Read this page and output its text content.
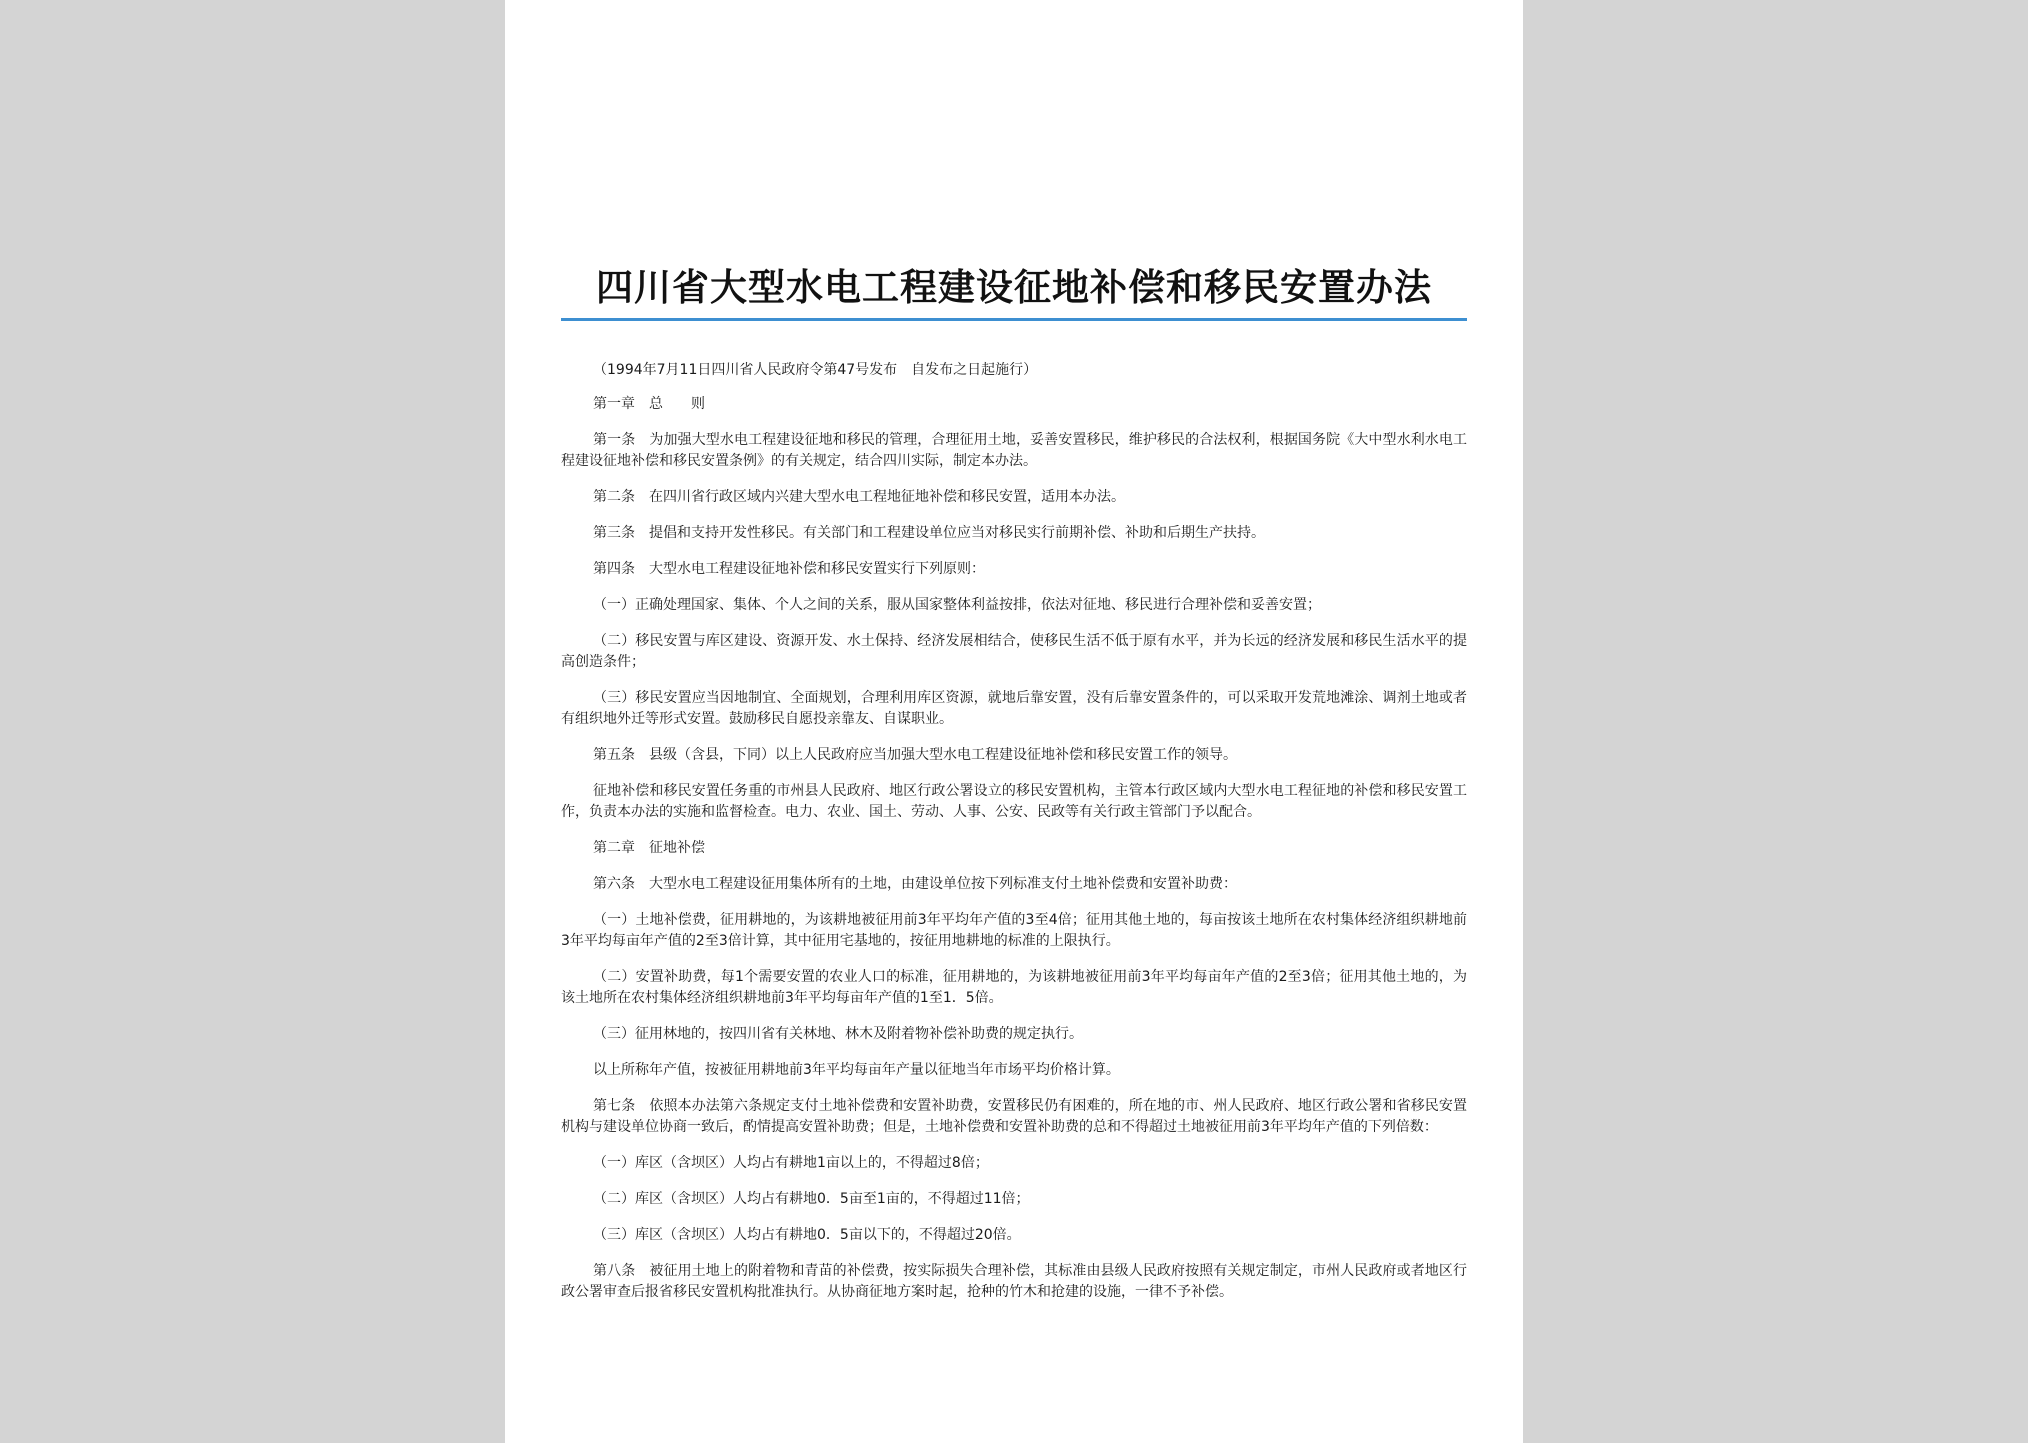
四川省大型水电工程建设征地补偿和移民安置办法

（1994年7月11日四川省人民政府令第47号发布　自发布之日起施行）

第一章　总　　则

第一条　为加强大型水电工程建设征地和移民的管理，合理征用土地，妥善安置移民，维护移民的合法权利，根据国务院《大中型水利水电工程建设征地补偿和移民安置条例》的有关规定，结合四川实际，制定本办法。

第二条　在四川省行政区域内兴建大型水电工程地征地补偿和移民安置，适用本办法。

第三条　提倡和支持开发性移民。有关部门和工程建设单位应当对移民实行前期补偿、补助和后期生产扶持。

第四条　大型水电工程建设征地补偿和移民安置实行下列原则：

（一）正确处理国家、集体、个人之间的关系，服从国家整体利益按排，依法对征地、移民进行合理补偿和妥善安置；

（二）移民安置与库区建设、资源开发、水土保持、经济发展相结合，使移民生活不低于原有水平，并为长远的经济发展和移民生活水平的提高创造条件；

（三）移民安置应当因地制宜、全面规划，合理利用库区资源，就地后靠安置，没有后靠安置条件的，可以采取开发荒地滩涂、调剂土地或者有组织地外迁等形式安置。鼓励移民自愿投亲靠友、自谋职业。

第五条　县级（含县，下同）以上人民政府应当加强大型水电工程建设征地补偿和移民安置工作的领导。

征地补偿和移民安置任务重的市州县人民政府、地区行政公署设立的移民安置机构，主管本行政区域内大型水电工程征地的补偿和移民安置工作，负责本办法的实施和监督检查。电力、农业、国土、劳动、人事、公安、民政等有关行政主管部门予以配合。

第二章　征地补偿

第六条　大型水电工程建设征用集体所有的土地，由建设单位按下列标准支付土地补偿费和安置补助费：

（一）土地补偿费，征用耕地的，为该耕地被征用前3年平均年产值的3至4倍；征用其他土地的，每亩按该土地所在农村集体经济组织耕地前3年平均每亩年产值的2至3倍计算，其中征用宅基地的，按征用地耕地的标准的上限执行。

（二）安置补助费，每1个需要安置的农业人口的标准，征用耕地的，为该耕地被征用前3年平均每亩年产值的2至3倍；征用其他土地的，为该土地所在农村集体经济组织耕地前3年平均每亩年产值的1至1．5倍。

（三）征用林地的，按四川省有关林地、林木及附着物补偿补助费的规定执行。

以上所称年产值，按被征用耕地前3年平均每亩年产量以征地当年市场平均价格计算。

第七条　依照本办法第六条规定支付土地补偿费和安置补助费，安置移民仍有困难的，所在地的市、州人民政府、地区行政公署和省移民安置机构与建设单位协商一致后，酌情提高安置补助费；但是，土地补偿费和安置补助费的总和不得超过土地被征用前3年平均年产值的下列倍数：

（一）库区（含坝区）人均占有耕地1亩以上的，不得超过8倍；

（二）库区（含坝区）人均占有耕地0．5亩至1亩的，不得超过11倍；

（三）库区（含坝区）人均占有耕地0．5亩以下的，不得超过20倍。

第八条　被征用土地上的附着物和青苗的补偿费，按实际损失合理补偿，其标准由县级人民政府按照有关规定制定，市州人民政府或者地区行政公署审查后报省移民安置机构批准执行。从协商征地方案时起，抢种的竹木和抢建的设施，一律不予补偿。
